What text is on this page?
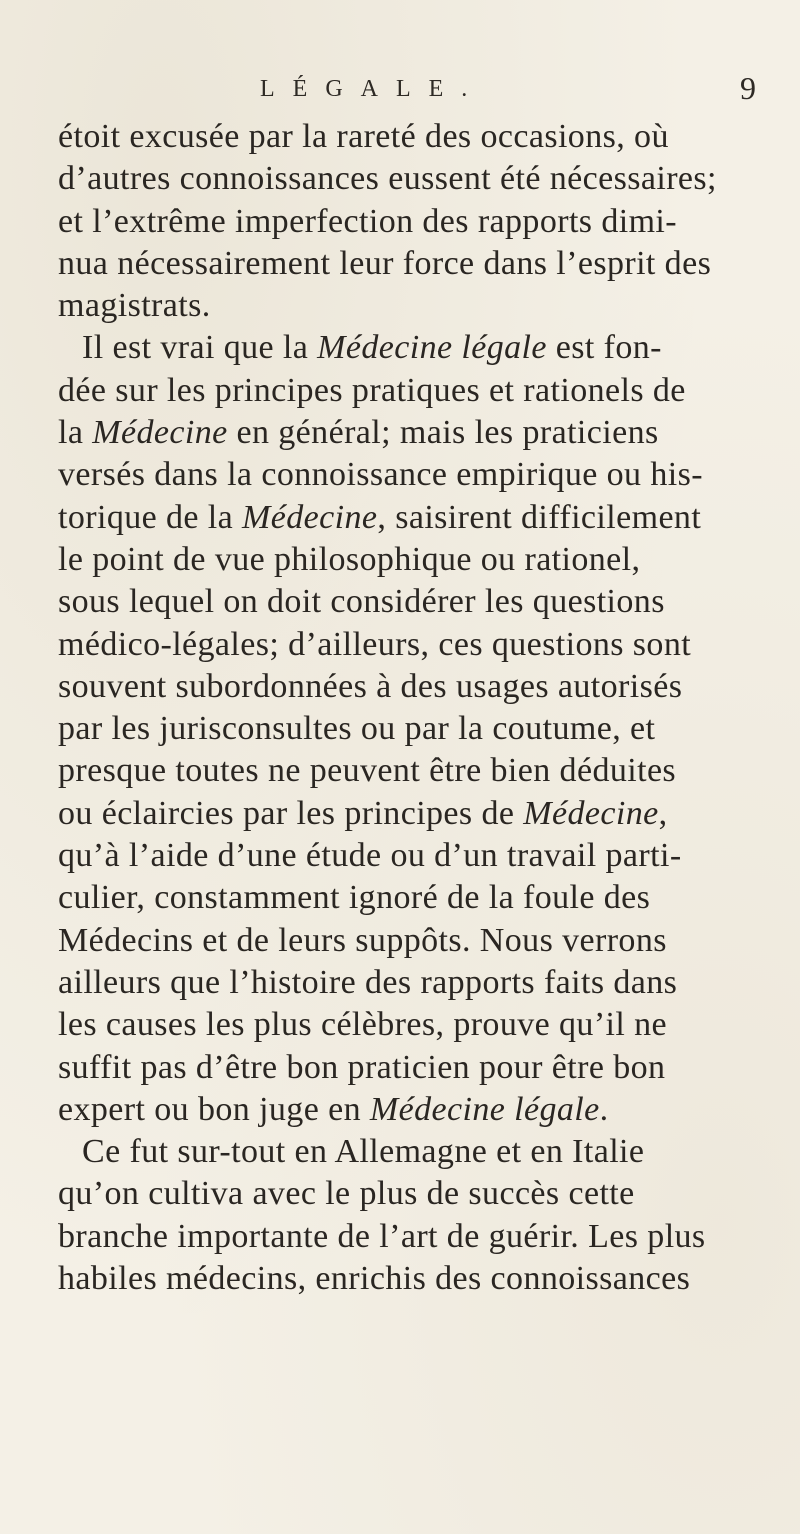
LÉGALE.	9
étoit excusée par la rareté des occasions, où
d’autres connoissances eussent été nécessaires;
et l’extrême imperfection des rapports dimi-
nua nécessairement leur force dans l’esprit des
magistrats.
Il est vrai que la Médecine légale est fon-
dée sur les principes pratiques et rationels de
la Médecine en général; mais les praticiens
versés dans la connoissance empirique ou his-
torique de la Médecine, saisirent difficilement
le point de vue philosophique ou rationel,
sous lequel on doit considérer les questions
médico-légales; d’ailleurs, ces questions sont
souvent subordonnées à des usages autorisés
par les jurisconsultes ou par la coutume, et
presque toutes ne peuvent être bien déduites
ou éclaircies par les principes de Médecine,
qu’à l’aide d’une étude ou d’un travail parti-
culier, constamment ignoré de la foule des
Médecins et de leurs suppôts. Nous verrons
ailleurs que l’histoire des rapports faits dans
les causes les plus célèbres, prouve qu’il ne
suffit pas d’être bon praticien pour être bon
expert ou bon juge en Médecine légale.
Ce fut sur-tout en Allemagne et en Italie
qu’on cultiva avec le plus de succès cette
branche importante de l’art de guérir. Les plus
habiles médecins, enrichis des connoissances
